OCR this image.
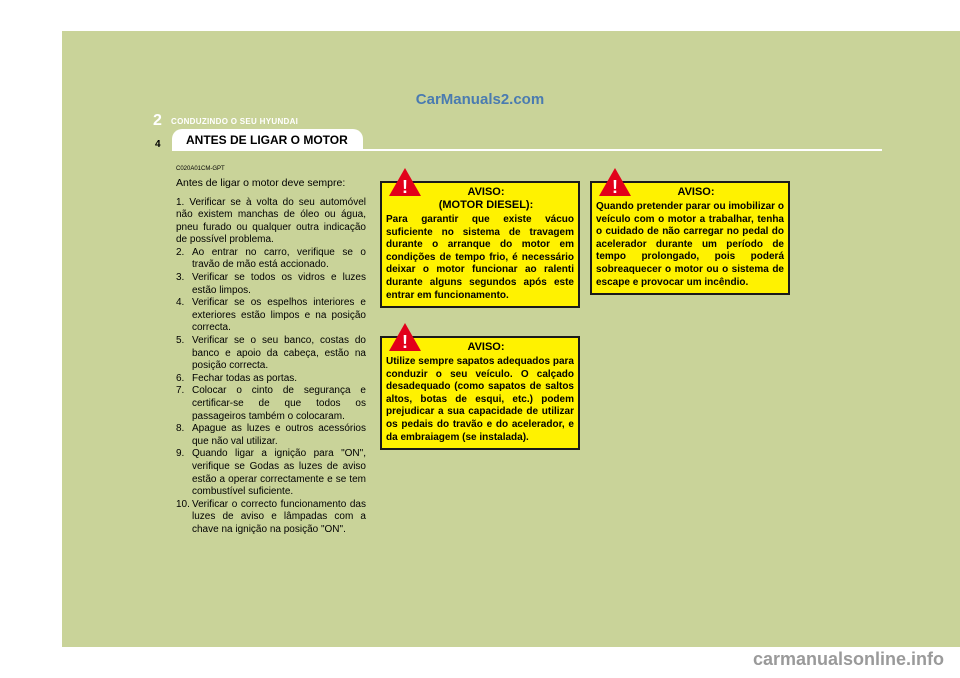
CarManuals2.com
2 CONDUZINDO O SEU HYUNDAI
4	ANTES DE LIGAR O MOTOR
C020A01CM-GPT
Antes de ligar o motor deve sempre:
1. Verificar se à volta do seu automóvel não existem manchas de óleo ou água, pneu furado ou qualquer outra indicação de possível problema.
2. Ao entrar no carro, verifique se o travão de mão está accionado.
3. Verificar se todos os vidros e luzes estão limpos.
4. Verificar se os espelhos interiores e exteriores estão limpos e na posição correcta.
5. Verificar se o seu banco, costas do banco e apoio da cabeça, estão na posição correcta.
6. Fechar todas as portas.
7. Colocar o cinto de segurança e certificar-se de que todos os passageiros também o colocaram.
8. Apague as luzes e outros acessórios que não val utilizar.
9. Quando ligar a ignição para "ON", verifique se Godas as luzes de aviso estão a operar correctamente e se tem combustível suficiente.
10. Verificar o correcto funcionamento das luzes de aviso e lâmpadas com a chave na ignição na posição "ON".
!	AVISO:
(MOTOR DIESEL):
Para garantir que existe vácuo suficiente no sistema de travagem durante o arranque do motor em condições de tempo frio, é necessário deixar o motor funcionar ao ralenti durante alguns segundos após este entrar em funcionamento.
!	AVISO:
Utilize sempre sapatos adequados para conduzir o seu veículo. O calçado desadequado (como sapatos de saltos altos, botas de esqui, etc.) podem prejudicar a sua capacidade de utilizar os pedais do travão e do acelerador, e da embraiagem (se instalada).
!	AVISO:
Quando pretender parar ou imobilizar o veículo com o motor a trabalhar, tenha o cuidado de não carregar no pedal do acelerador durante um período de tempo prolongado, pois poderá sobreaquecer o motor ou o sistema de escape e provocar um incêndio.
carmanualsonline.info
